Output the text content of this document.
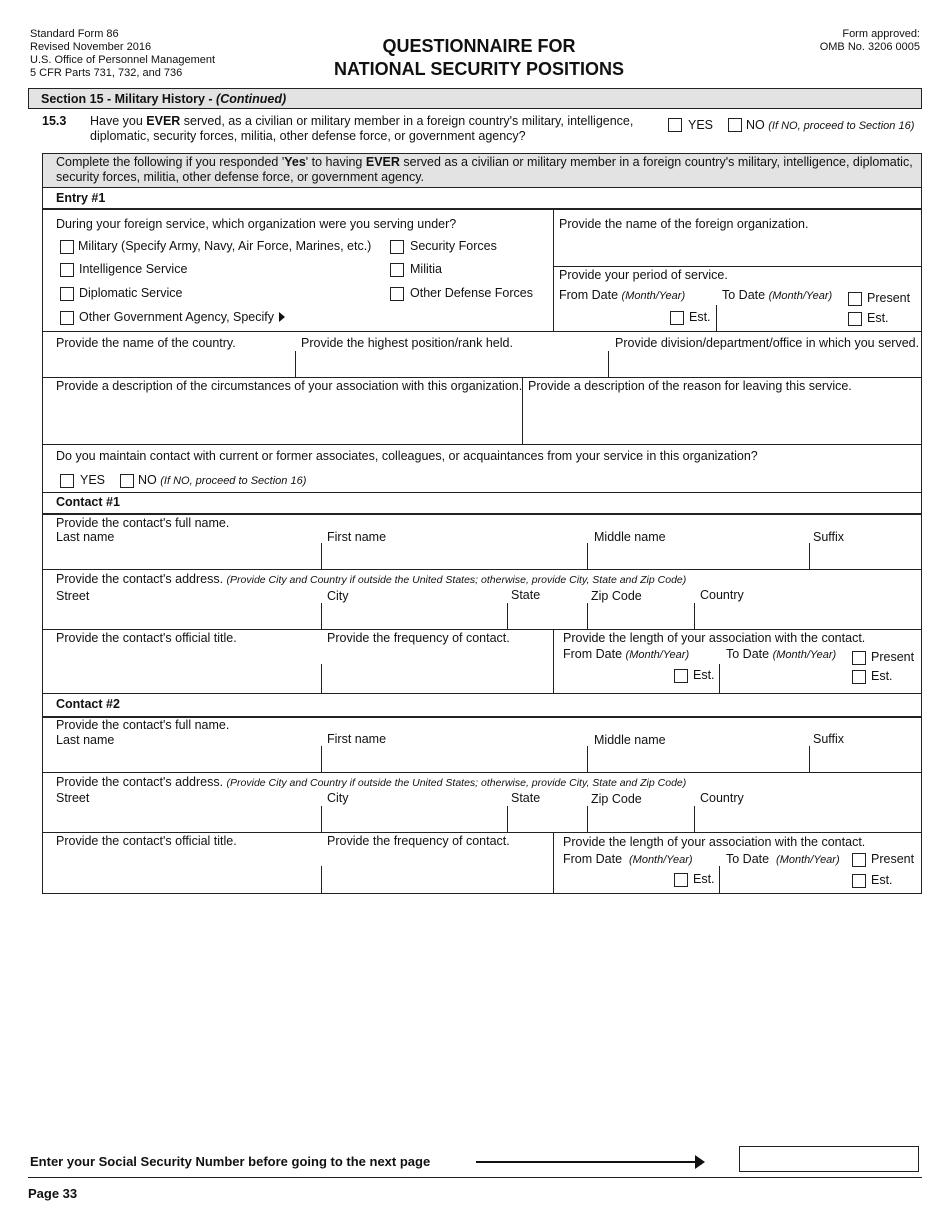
Standard Form 86
Revised November 2016
U.S. Office of Personnel Management
5 CFR Parts 731, 732, and 736
QUESTIONNAIRE FOR
NATIONAL SECURITY POSITIONS
Form approved:
OMB No. 3206 0005
Section 15 - Military History - (Continued)
15.3 Have you EVER served, as a civilian or military member in a foreign country's military, intelligence,
diplomatic, security forces, militia, other defense force, or government agency?
YES	NO (If NO, proceed to Section 16)
Complete the following if you responded 'Yes' to having EVER served as a civilian or military member in a foreign country's military, intelligence, diplomatic,
security forces, militia, other defense force, or government agency.
Entry #1
During your foreign service, which organization were you serving under?
Military (Specify Army, Navy, Air Force, Marines, etc.)
Intelligence Service
Diplomatic Service
Other Government Agency, Specify
Security Forces
Militia
Other Defense Forces
Provide the name of the foreign organization.
Provide your period of service.
From Date (Month/Year)	To Date (Month/Year)	Present
Est.	Est.
Provide the name of the country.	Provide the highest position/rank held.	Provide division/department/office in which you served.
Provide a description of the circumstances of your association with this organization. Provide a description of the reason for leaving this service.
Do you maintain contact with current or former associates, colleagues, or acquaintances from your service in this organization?
YES	NO (If NO, proceed to Section 16)
Contact #1
Provide the contact's full name.
Last name	First name	Middle name	Suffix
Provide the contact's address. (Provide City and Country if outside the United States; otherwise, provide City, State and Zip Code)
Street	City	State	Zip Code	Country
Provide the contact's official title.	Provide the frequency of contact.	Provide the length of your association with the contact.
From Date (Month/Year)	To Date (Month/Year)	Present
Est.	Est.
Contact #2
Provide the contact's full name.
Last name	First name	Middle name	Suffix
Provide the contact's address. (Provide City and Country if outside the United States; otherwise, provide City, State and Zip Code)
Street	City	State	Zip Code	Country
Provide the contact's official title.	Provide the frequency of contact.	Provide the length of your association with the contact.
From Date (Month/Year)	To Date (Month/Year)	Present
Est.	Est.
Enter your Social Security Number before going to the next page
Page 33
